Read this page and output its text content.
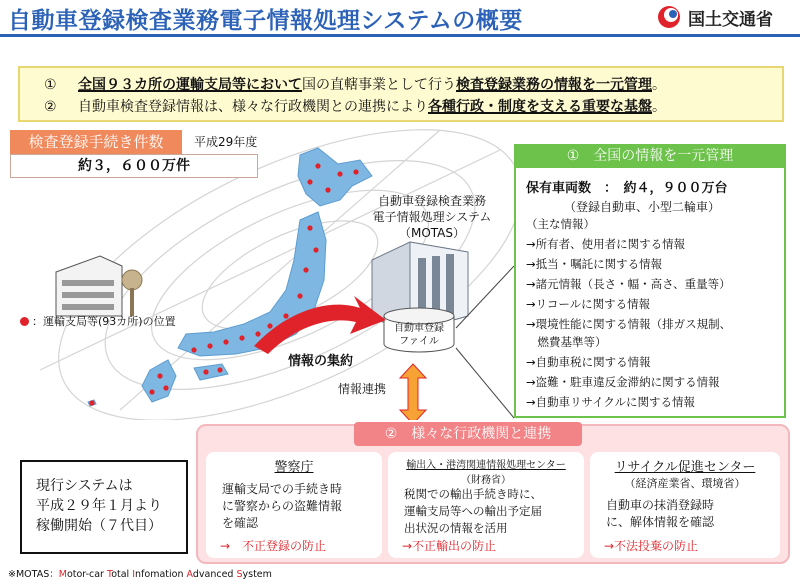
自動車登録検査業務電子情報処理システムの概要	国土交通省
① 全国９３カ所の運輸支局等において国の直轄事業として行う検査登録業務の情報を一元管理。
② 自動車検査登録情報は、様々な行政機関との連携により各種行政・制度を支える重要な基盤。
検査登録手続き件数	平成29年度
約３，６００万件
：運輸支局等(93カ所)の位置
自動車登録検査業務
電子情報処理システム
（MOTAS）
自動車登録
ファイル
情報の集約
情報連携
①　全国の情報を一元管理
保有車両数　：　約４，９００万台
（登録自動車、小型二輪車）
（主な情報）
→所有者、使用者に関する情報
→抵当・嘱託に関する情報
→諸元情報（長さ・幅・高さ、重量等）
→リコールに関する情報
→環境性能に関する情報（排ガス規制、
　燃費基準等）
→自動車税に関する情報
→盗難・駐車違反金滞納に関する情報
→自動車リサイクルに関する情報
②　様々な行政機関と連携
警察庁
運輸支局での手続き時
に警察からの盗難情報
を確認
→　不正登録の防止
輸出入・港湾関連情報処理センター
（財務省）
税関での輸出手続き時に、
運輸支局等への輸出予定届
出状況の情報を活用
→不正輸出の防止
リサイクル促進センター
（経済産業省、環境省）
自動車の抹消登録時
に、解体情報を確認
→不法投棄の防止
現行システムは
平成２９年１月より
稼働開始（７代目）
※MOTAS：Motor-car Total Infomation Advanced System
